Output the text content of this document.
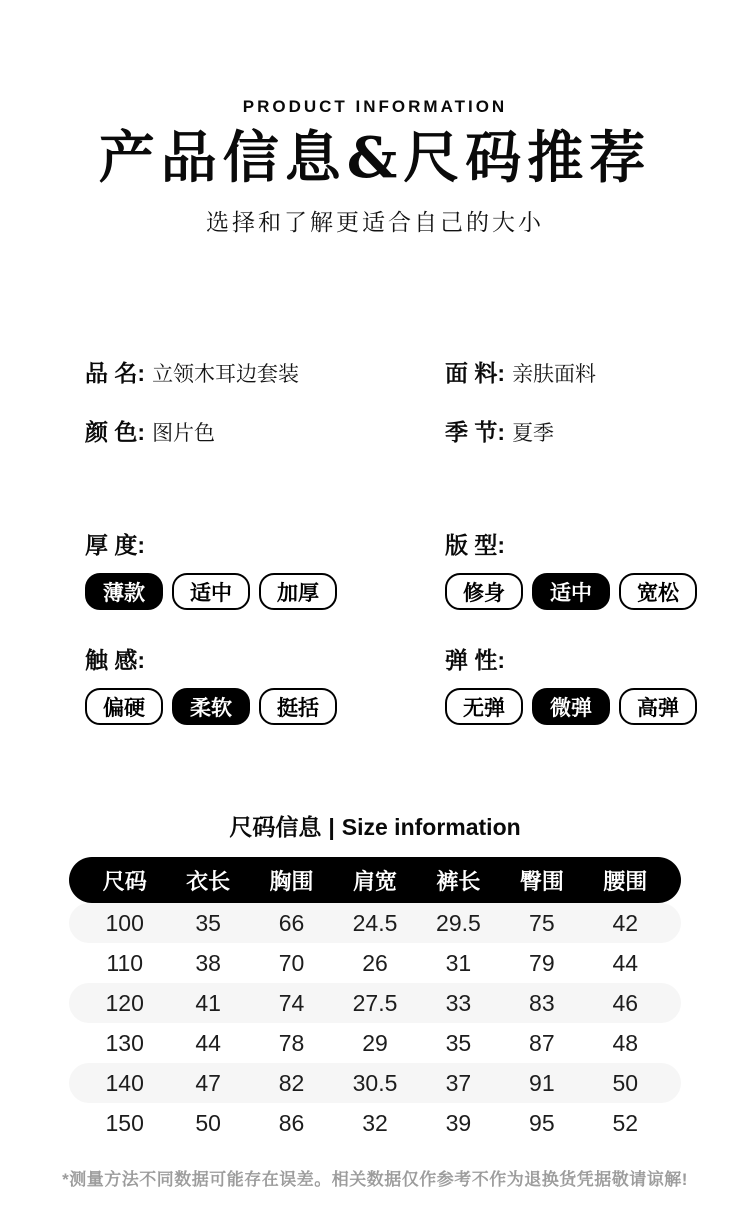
PRODUCT INFORMATION
产品信息&尺码推荐
选择和了解更适合自己的大小
品 名: 立领木耳边套装	面 料: 亲肤面料
颜 色: 图片色	季 节: 夏季
厚 度:
薄款	适中	加厚
版 型:
修身	适中	宽松
触 感:
偏硬	柔软	挺括
弹 性:
无弹	微弹	高弹
尺码信息 | Size information
尺码	衣长	胸围	肩宽	裤长	臀围	腰围
100	35	66	24.5	29.5	75	42
110	38	70	26	31	79	44
120	41	74	27.5	33	83	46
130	44	78	29	35	87	48
140	47	82	30.5	37	91	50
150	50	86	32	39	95	52
*测量方法不同数据可能存在误差。相关数据仅作参考不作为退换货凭据敬请谅解!
